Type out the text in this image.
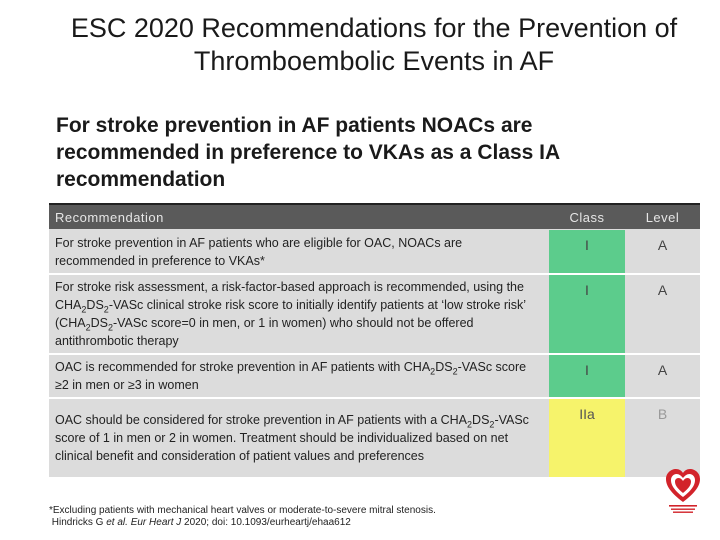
ESC 2020 Recommendations for the Prevention of
Thromboembolic Events in AF
For stroke prevention in AF patients NOACs are
recommended in preference to VKAs as a Class IA
recommendation
Recommendation	Class	Level
For stroke prevention in AF patients who are eligible for OAC, NOACs are recommended in preference to VKAs*	I	A
For stroke risk assessment, a risk-factor-based approach is recommended, using the $CHA_2DS_2$-VASc clinical stroke risk score to initially identify patients at ‘low stroke risk’ ($CHA_2DS_2$-VASc score=0 in men, or 1 in women) who should not be offered antithrombotic therapy	I	A
OAC is recommended for stroke prevention in AF patients with $CHA_2DS_2$-VASc score ≥2 in men or ≥3 in women	I	A
OAC should be considered for stroke prevention in AF patients with a $CHA_2DS_2$-VASc score of 1 in men or 2 in women. Treatment should be individualized based on net clinical benefit and consideration of patient values and preferences	IIa	B
*Excluding patients with mechanical heart valves or moderate-to-severe mitral stenosis.
Hindricks G et al. Eur Heart J 2020; doi: 10.1093/eurheartj/ehaa612
